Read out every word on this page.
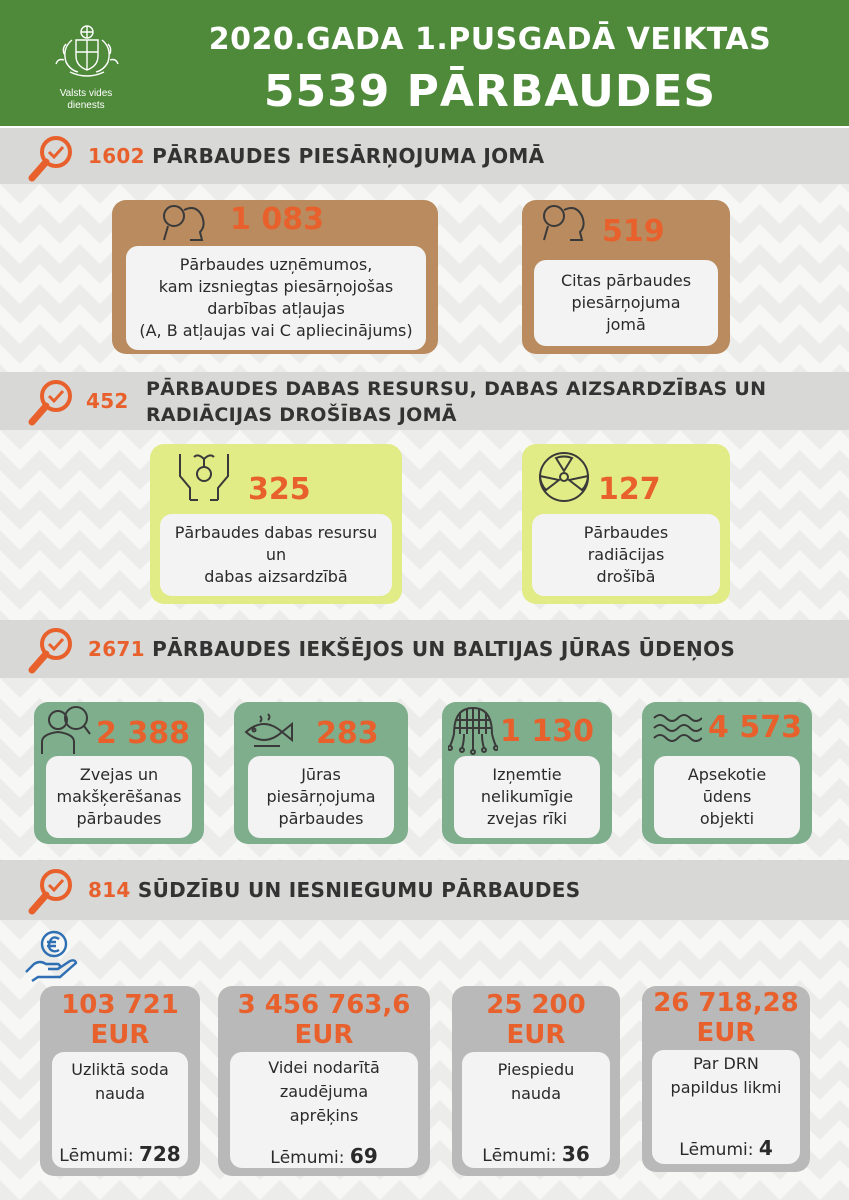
Valsts vides dienests
2020.GADA 1.PUSGADĀ VEIKTAS
5539 PĀRBAUDES
1602 PĀRBAUDES PIESĀRŅOJUMA JOMĀ
1 083
Pārbaudes uzņēmumos,
kam izsniegtas piesārņojošas
darbības atļaujas
(A, B atļaujas vai C apliecinājums)
519
Citas pārbaudes
piesārņojuma
jomā
452 PĀRBAUDES DABAS RESURSU, DABAS AIZSARDZĪBAS UN
RADIĀCIJAS DROŠĪBAS JOMĀ
325
Pārbaudes dabas resursu
un
dabas aizsardzībā
127
Pārbaudes
radiācijas
drošībā
2671 PĀRBAUDES IEKŠĒJOS UN BALTIJAS JŪRAS ŪDEŅOS
2 388
Zvejas un
makšķerēšanas
pārbaudes
283
Jūras
piesārņojuma
pārbaudes
1 130
Izņemtie
nelikumīgie
zvejas rīki
4 573
Apsekotie
ūdens
objekti
814 SŪDZĪBU UN IESNIEGUMU PĀRBAUDES
103 721
EUR
Uzliktā soda
nauda
Lēmumi: 728
3 456 763,6
EUR
Videi nodarītā
zaudējuma
aprēķins
Lēmumi: 69
25 200
EUR
Piespiedu
nauda
Lēmumi: 36
26 718,28
EUR
Par DRN
papildus likmi
Lēmumi: 4
